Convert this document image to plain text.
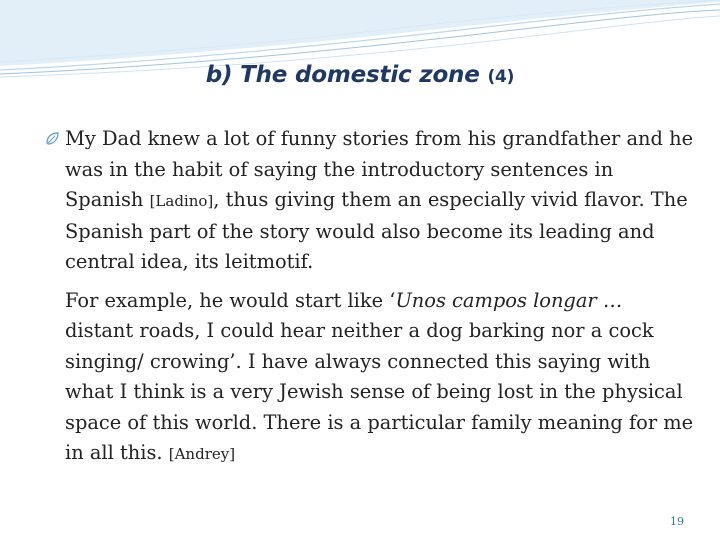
b) The domestic zone (4)
My Dad knew a lot of funny stories from his grandfather and he was in the habit of saying the introductory sentences in Spanish [Ladino], thus giving them an especially vivid flavor. The Spanish part of the story would also become its leading and central idea, its leitmotif.
For example, he would start like ‘Unos campos longar … distant roads, I could hear neither a dog barking nor a cock singing/ crowing’. I have always connected this saying with what I think is a very Jewish sense of being lost in the physical space of this world. There is a particular family meaning for me in all this. [Andrey]
19
